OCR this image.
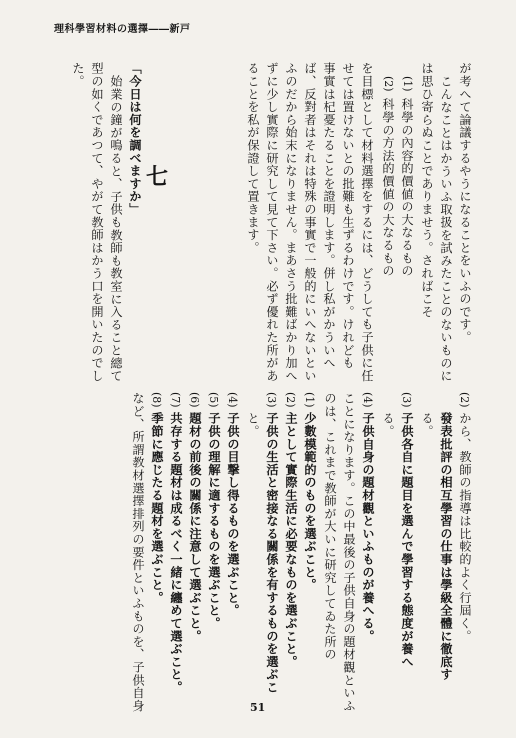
理科學習材料の選擇――新戸
が考へて論議するやうになることをいふのです。
こんなことはかういふ取扱を試みたことのないものに
は思ひ寄らぬことでありませう。さればこそ
(1)
科學の內容的價値の大なるもの
(2)
科學の方法的價値の大なるもの
を目標として材料選擇をするには、どうしても子供に任
せては置けないとの批難も生ずるわけです。けれども
事實は杞憂たることを證明します。併し私がかういへ
ば、反對者はそれは特殊の事實で一般的にいへないとい
ふのだから始末になりません。まあさう批難ばかり加へ
ずに少し實際に研究して見て下さい。必ず優れた所があ
ることを私が保證して置きます。
七
「今日は何を調べますか」
始業の鐘が鳴ると、子供も教師も教室に入ること總て
型の如くであつて、やがて教師はかう口を開いたのでし
た。
(2)
から、教師の指導は比較的よく行屆く。
發表批評の相互學習の仕事は學級全體に徹底す
る。
(3)
子供各自に題目を選んで學習する態度が養へ
る。
(4)
子供自身の題材觀といふものが養へる。
ことになります。この中最後の子供自身の題材觀といふ
のは、これまで教師が大いに研究してゐた所の
(1)
少數模範的のものを選ぶこと。
(2)
主として實際生活に必要なものを選ぶこと。
(3)
子供の生活と密接なる關係を有するものを選ぶこ
と。
(4)
子供の目撃し得るものを選ぶこと。
(5)
子供の理解に適するものを選ぶこと。
(6)
題材の前後の關係に注意して選ぶこと。
(7)
共存する題材は成るべく一緒に纏めて選ぶこと。
(8)
季節に應じたる題材を選ぶこと。
など、所謂教材選擇排列の要件といふものを、子供自身	51
